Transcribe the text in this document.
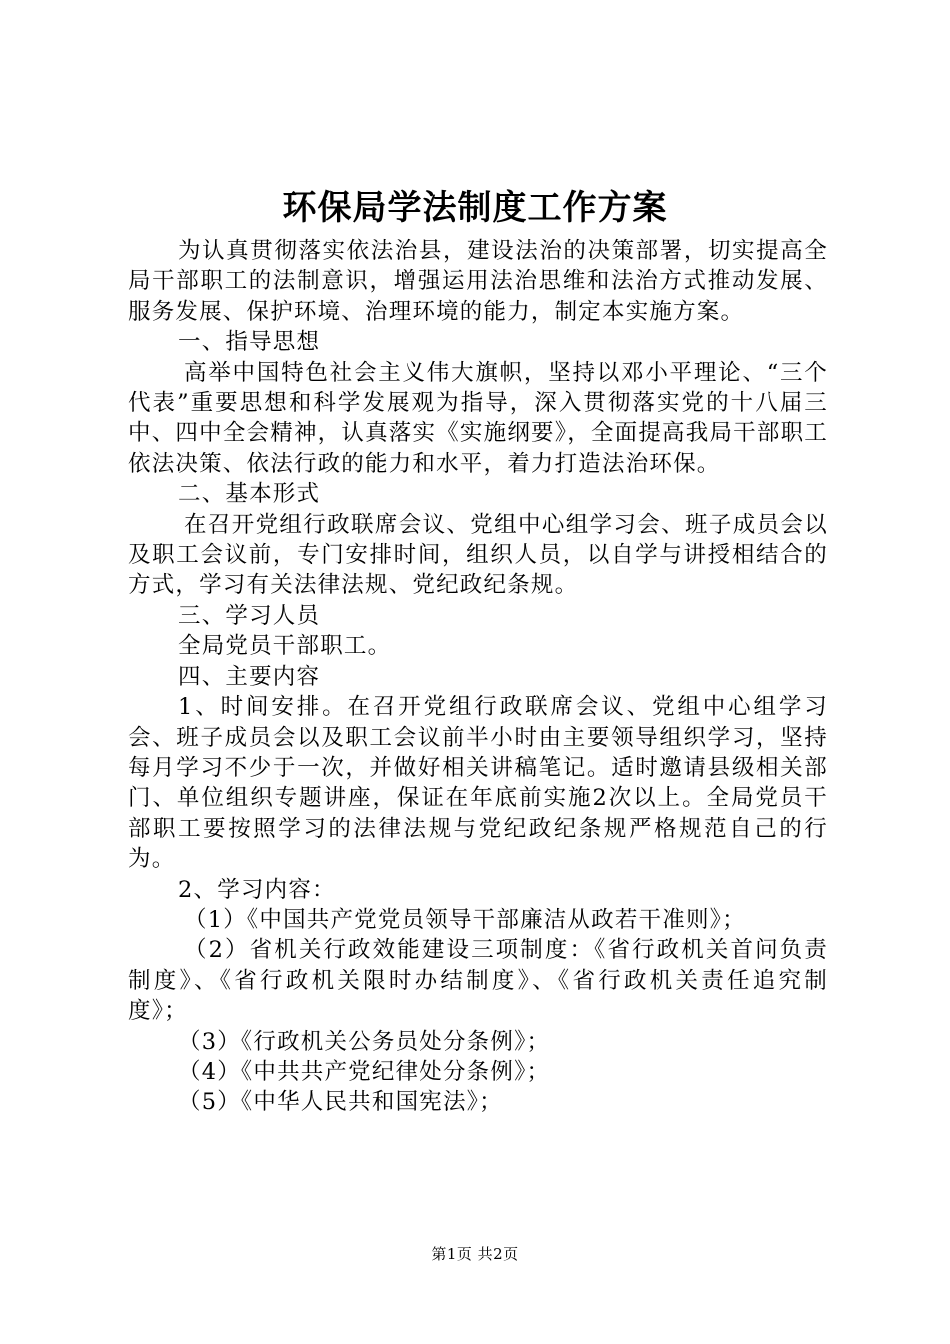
环保局学法制度工作方案

为认真贯彻落实依法治县，建设法治的决策部署，切实提高全局干部职工的法制意识，增强运用法治思维和法治方式推动发展、服务发展、保护环境、治理环境的能力，制定本实施方案。

一、指导思想

高举中国特色社会主义伟大旗帜，坚持以邓小平理论、“三个代表”重要思想和科学发展观为指导，深入贯彻落实党的十八届三中、四中全会精神，认真落实《实施纲要》，全面提高我局干部职工依法决策、依法行政的能力和水平，着力打造法治环保。

二、基本形式

在召开党组行政联席会议、党组中心组学习会、班子成员会以及职工会议前，专门安排时间，组织人员，以自学与讲授相结合的方式，学习有关法律法规、党纪政纪条规。

三、学习人员

全局党员干部职工。

四、主要内容

1、时间安排。在召开党组行政联席会议、党组中心组学习会、班子成员会以及职工会议前半小时由主要领导组织学习，坚持每月学习不少于一次，并做好相关讲稿笔记。适时邀请县级相关部门、单位组织专题讲座，保证在年底前实施2次以上。全局党员干部职工要按照学习的法律法规与党纪政纪条规严格规范自己的行为。

2、学习内容：

（1）《中国共产党党员领导干部廉洁从政若干准则》；

（2）省机关行政效能建设三项制度：《省行政机关首问负责制度》、《省行政机关限时办结制度》、《省行政机关责任追究制度》；

（3）《行政机关公务员处分条例》；

（4）《中共共产党纪律处分条例》；

（5）《中华人民共和国宪法》；

第1页 共2页
